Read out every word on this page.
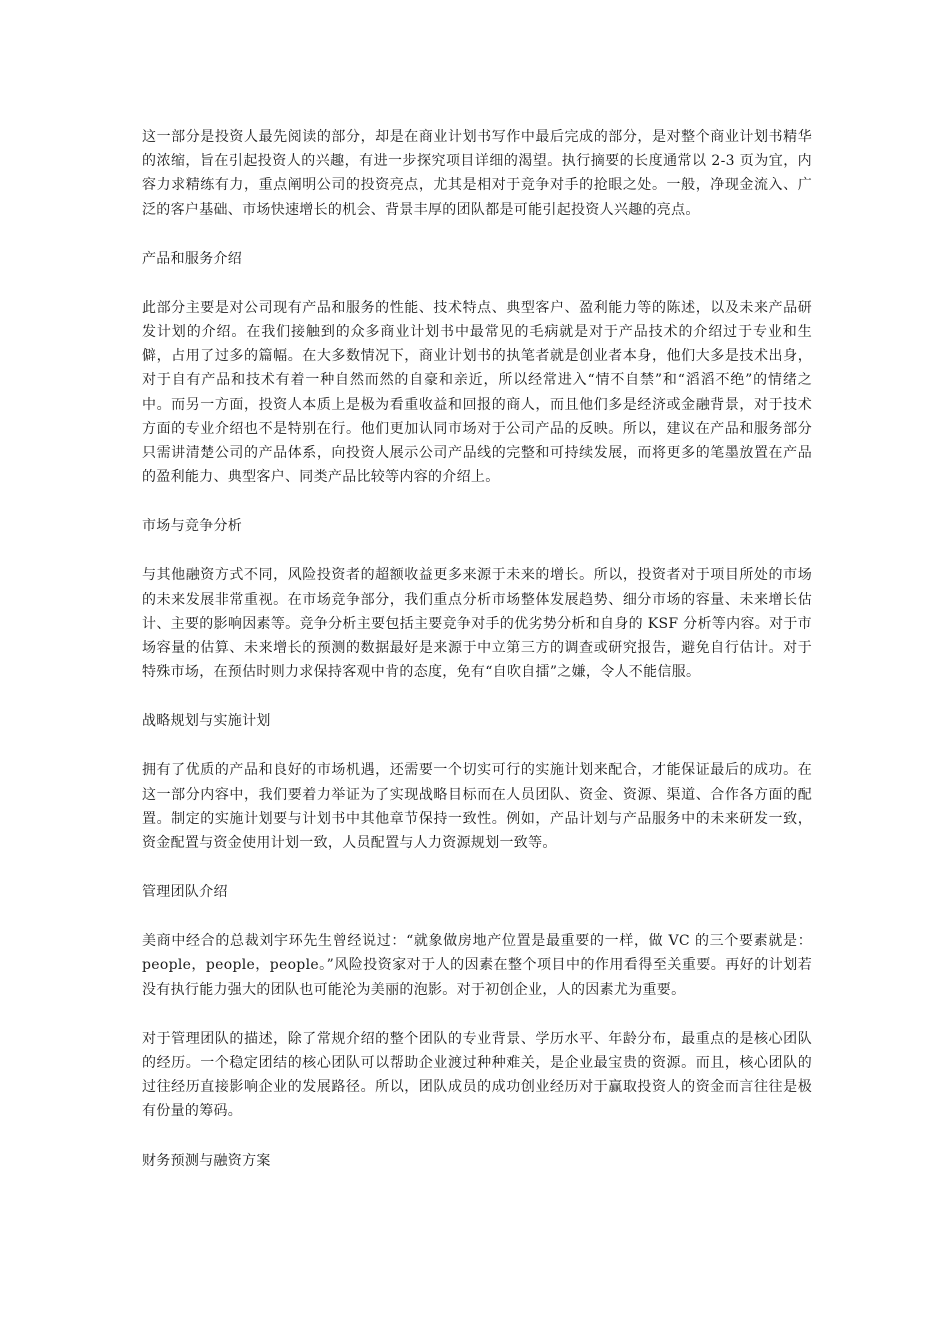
这一部分是投资人最先阅读的部分，却是在商业计划书写作中最后完成的部分，是对整个商业计划书精华的浓缩，旨在引起投资人的兴趣，有进一步探究项目详细的渴望。执行摘要的长度通常以 2-3 页为宜，内容力求精练有力，重点阐明公司的投资亮点，尤其是相对于竞争对手的抢眼之处。一般，净现金流入、广泛的客户基础、市场快速增长的机会、背景丰厚的团队都是可能引起投资人兴趣的亮点。

产品和服务介绍

此部分主要是对公司现有产品和服务的性能、技术特点、典型客户、盈利能力等的陈述，以及未来产品研发计划的介绍。在我们接触到的众多商业计划书中最常见的毛病就是对于产品技术的介绍过于专业和生僻，占用了过多的篇幅。在大多数情况下，商业计划书的执笔者就是创业者本身，他们大多是技术出身，对于自有产品和技术有着一种自然而然的自豪和亲近，所以经常进入“情不自禁”和“滔滔不绝”的情绪之中。而另一方面，投资人本质上是极为看重收益和回报的商人，而且他们多是经济或金融背景，对于技术方面的专业介绍也不是特别在行。他们更加认同市场对于公司产品的反映。所以，建议在产品和服务部分只需讲清楚公司的产品体系，向投资人展示公司产品线的完整和可持续发展，而将更多的笔墨放置在产品的盈利能力、典型客户、同类产品比较等内容的介绍上。

市场与竞争分析

与其他融资方式不同，风险投资者的超额收益更多来源于未来的增长。所以，投资者对于项目所处的市场的未来发展非常重视。在市场竞争部分，我们重点分析市场整体发展趋势、细分市场的容量、未来增长估计、主要的影响因素等。竞争分析主要包括主要竞争对手的优劣势分析和自身的 KSF 分析等内容。对于市场容量的估算、未来增长的预测的数据最好是来源于中立第三方的调查或研究报告，避免自行估计。对于特殊市场，在预估时则力求保持客观中肯的态度，免有“自吹自擂”之嫌，令人不能信服。

战略规划与实施计划

拥有了优质的产品和良好的市场机遇，还需要一个切实可行的实施计划来配合，才能保证最后的成功。在这一部分内容中，我们要着力举证为了实现战略目标而在人员团队、资金、资源、渠道、合作各方面的配置。制定的实施计划要与计划书中其他章节保持一致性。例如，产品计划与产品服务中的未来研发一致，资金配置与资金使用计划一致，人员配置与人力资源规划一致等。

管理团队介绍

美商中经合的总裁刘宇环先生曾经说过：“就象做房地产位置是最重要的一样，做 VC 的三个要素就是：people，people，people。”风险投资家对于人的因素在整个项目中的作用看得至关重要。再好的计划若没有执行能力强大的团队也可能沦为美丽的泡影。对于初创企业，人的因素尤为重要。

对于管理团队的描述，除了常规介绍的整个团队的专业背景、学历水平、年龄分布，最重点的是核心团队的经历。一个稳定团结的核心团队可以帮助企业渡过种种难关，是企业最宝贵的资源。而且，核心团队的过往经历直接影响企业的发展路径。所以，团队成员的成功创业经历对于赢取投资人的资金而言往往是极有份量的筹码。

财务预测与融资方案
